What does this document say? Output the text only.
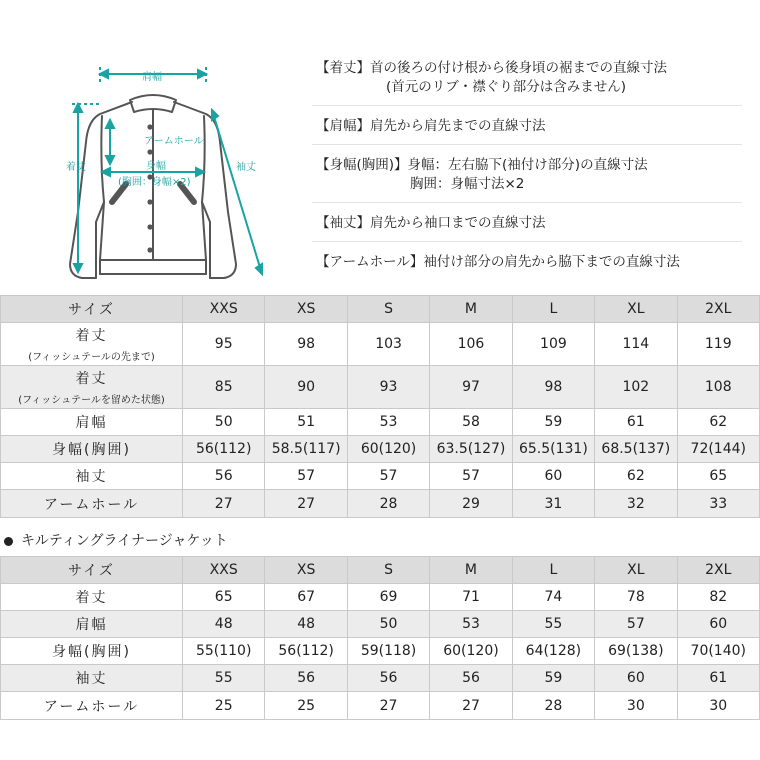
肩幅
アームホール
身幅
(胸囲：身幅×2)
着丈	袖丈
【着丈】首の後ろの付け根から後身頃の裾までの直線寸法
(首元のリブ・襟ぐり部分は含みません)
【肩幅】肩先から肩先までの直線寸法
【身幅(胸囲)】身幅：左右脇下(袖付け部分)の直線寸法
胸囲：身幅寸法×2
【袖丈】肩先から袖口までの直線寸法
【アームホール】袖付け部分の肩先から脇下までの直線寸法
サイズ	XXS	XS	S	M	L	XL	2XL

着丈
(フィッシュテールの先まで)	95	98	103	106	109	114	119

着丈
(フィッシュテールを留めた状態)	85	90	93	97	98	102	108
肩幅	50	51	53	58	59	61	62
身幅(胸囲)	56(112)	58.5(117)	60(120)	63.5(127)	65.5(131)	68.5(137)	72(144)
袖丈	56	57	57	57	60	62	65
アームホール	27	27	28	29	31	32	33
キルティングライナージャケット
サイズ	XXS	XS	S	M	L	XL	2XL
着丈	65	67	69	71	74	78	82
肩幅	48	48	50	53	55	57	60
身幅(胸囲)	55(110)	56(112)	59(118)	60(120)	64(128)	69(138)	70(140)
袖丈	55	56	56	56	59	60	61
アームホール	25	25	27	27	28	30	30
